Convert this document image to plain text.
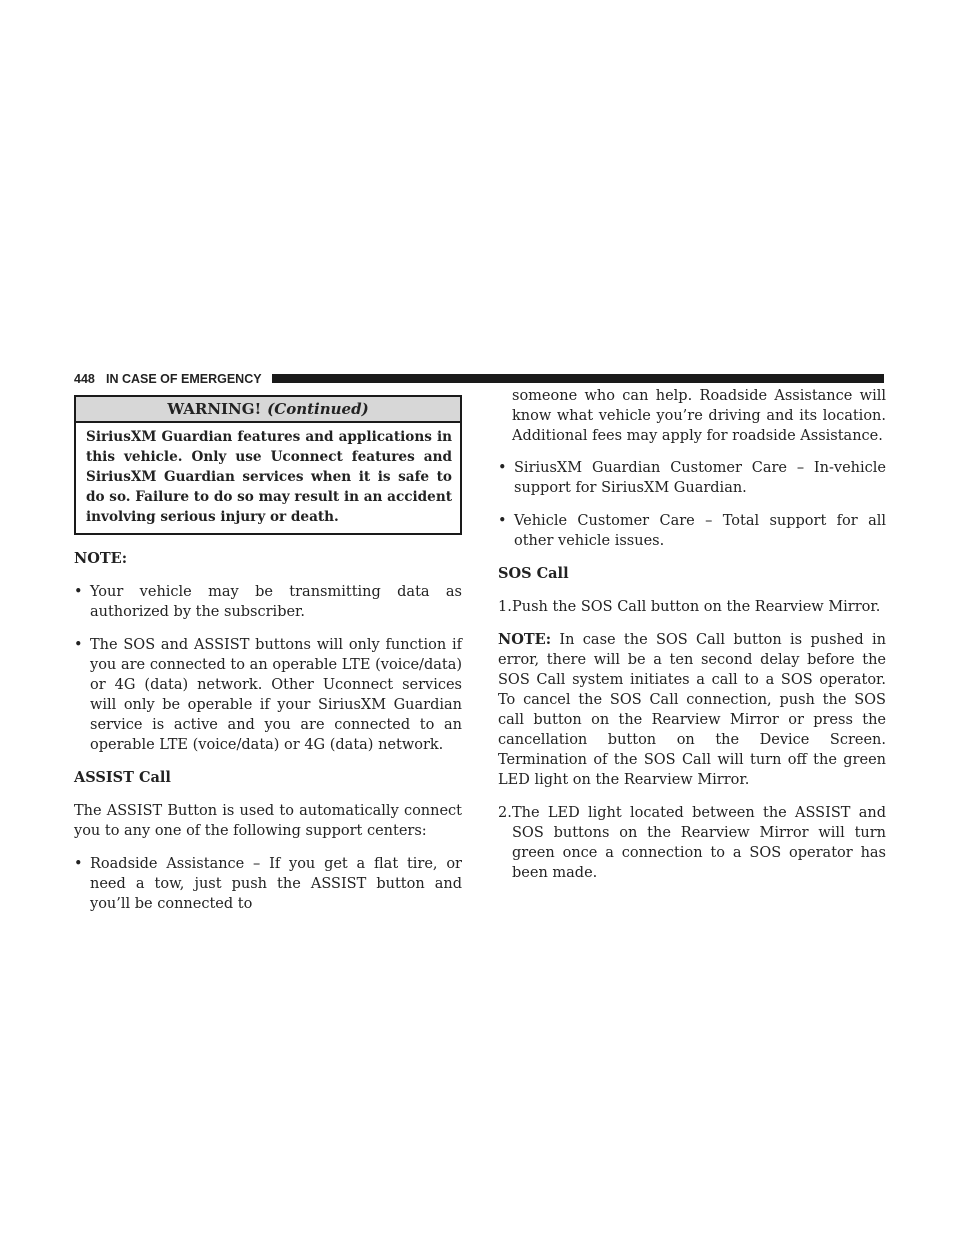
448 IN CASE OF EMERGENCY
WARNING! (Continued)
SiriusXM Guardian features and applications in this vehicle. Only use Uconnect features and SiriusXM Guardian services when it is safe to do so. Failure to do so may result in an accident involving serious injury or death.
NOTE:
• Your vehicle may be transmitting data as authorized by the subscriber.
• The SOS and ASSIST buttons will only function if you are connected to an operable LTE (voice/data) or 4G (data) network. Other Uconnect services will only be operable if your SiriusXM Guardian service is active and you are connected to an operable LTE (voice/data) or 4G (data) network.
ASSIST Call

The ASSIST Button is used to automatically connect you to any one of the following support centers:

• Roadside Assistance – If you get a flat tire, or need a tow, just push the ASSIST button and you’ll be connected to
someone who can help. Roadside Assistance will know what vehicle you’re driving and its location. Additional fees may apply for roadside Assistance.
• SiriusXM Guardian Customer Care – In-vehicle support for SiriusXM Guardian.
• Vehicle Customer Care – Total support for all other vehicle issues.
SOS Call
1. Push the SOS Call button on the Rearview Mirror.

NOTE: In case the SOS Call button is pushed in error, there will be a ten second delay before the SOS Call system initiates a call to a SOS operator. To cancel the SOS Call connection, push the SOS call button on the Rearview Mirror or press the cancellation button on the Device Screen. Termination of the SOS Call will turn off the green LED light on the Rearview Mirror.

2. The LED light located between the ASSIST and SOS buttons on the Rearview Mirror will turn green once a connection to a SOS operator has been made.
